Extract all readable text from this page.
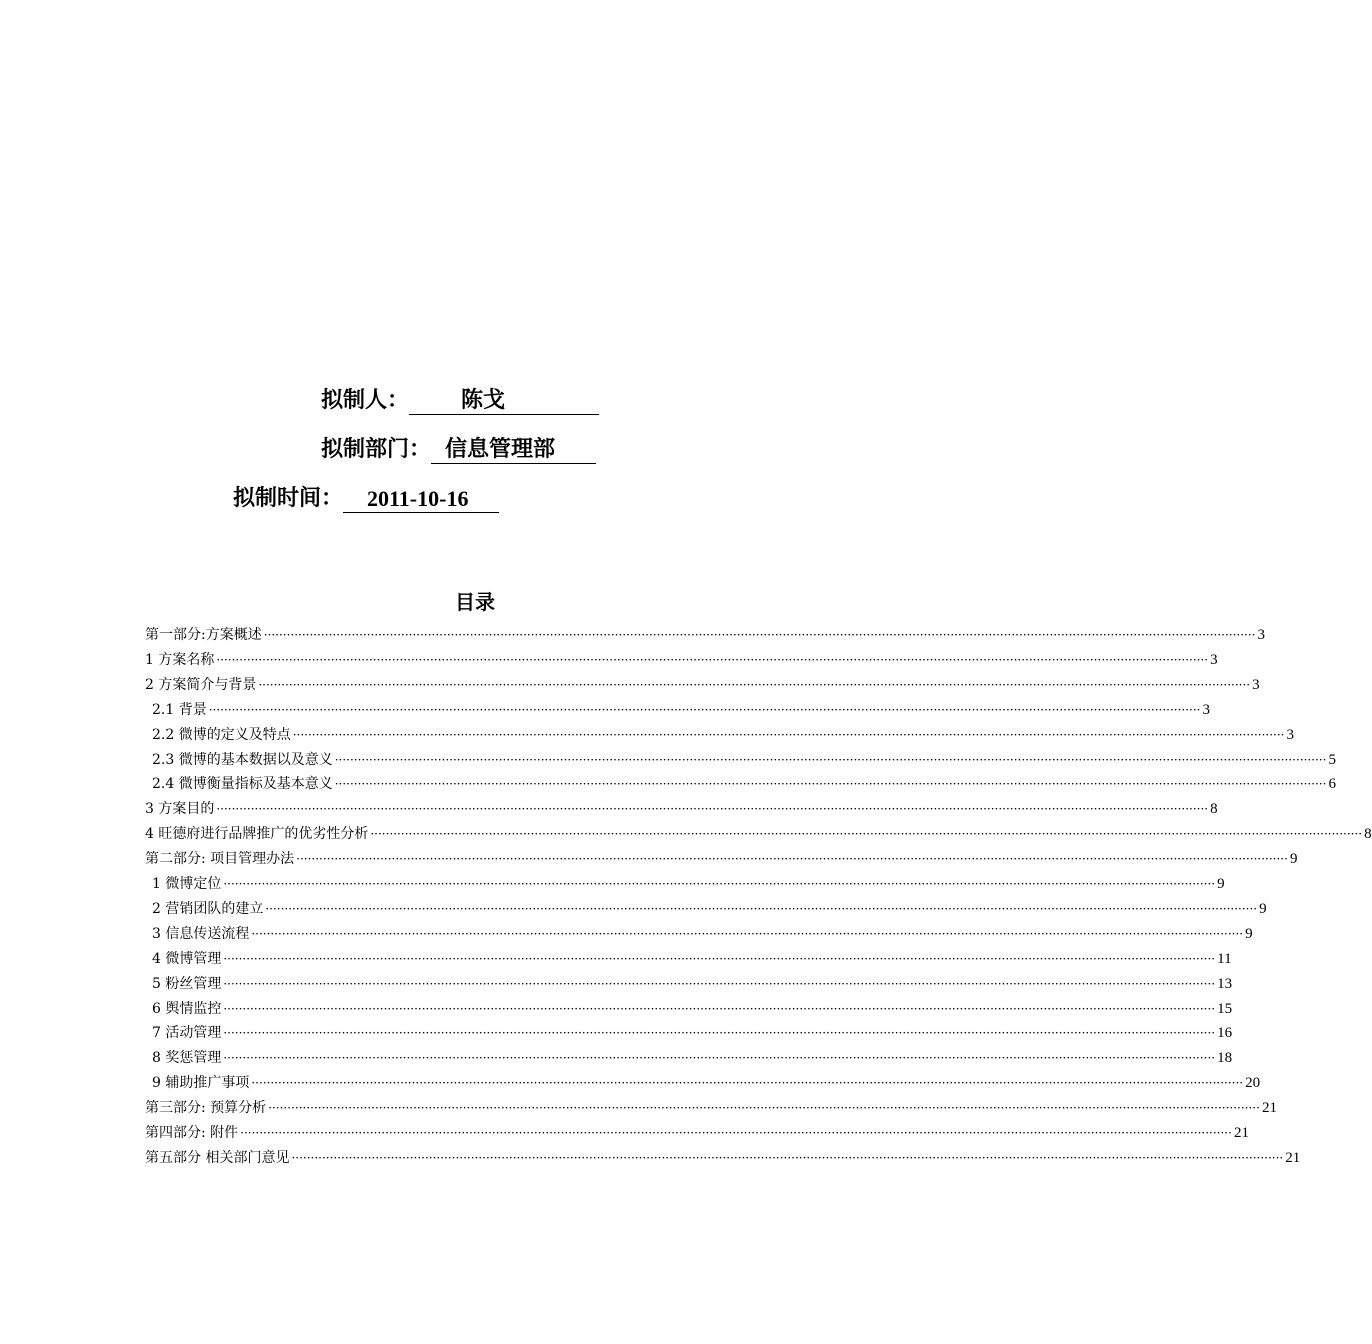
拟制人： 陈戈
拟制部门： 信息管理部
拟制时间： 2011-10-16
目录
第一部分:方案概述 ···································································································································································································································································· 3
1 方案名称 ···································································································································································································································································· 3
2 方案简介与背景 ···································································································································································································································································· 3
2.1 背景 ···································································································································································································································································· 3
2.2 微博的定义及特点 ···································································································································································································································································· 3
2.3 微博的基本数据以及意义 ···································································································································································································································································· 5
2.4 微博衡量指标及基本意义 ···································································································································································································································································· 6
3 方案目的 ···································································································································································································································································· 8
4 旺德府进行品牌推广的优劣性分析 ···································································································································································································································································· 8
第二部分: 项目管理办法 ···································································································································································································································································· 9
1 微博定位 ···································································································································································································································································· 9
2 营销团队的建立 ···································································································································································································································································· 9
3 信息传送流程 ···································································································································································································································································· 9
4 微博管理 ···································································································································································································································································· 11
5 粉丝管理 ···································································································································································································································································· 13
6 舆情监控 ···································································································································································································································································· 15
7 活动管理 ···································································································································································································································································· 16
8 奖惩管理 ···································································································································································································································································· 18
9 辅助推广事项 ···································································································································································································································································· 20
第三部分: 预算分析 ···································································································································································································································································· 21
第四部分: 附件 ···································································································································································································································································· 21
第五部分 相关部门意见 ···································································································································································································································································· 21
